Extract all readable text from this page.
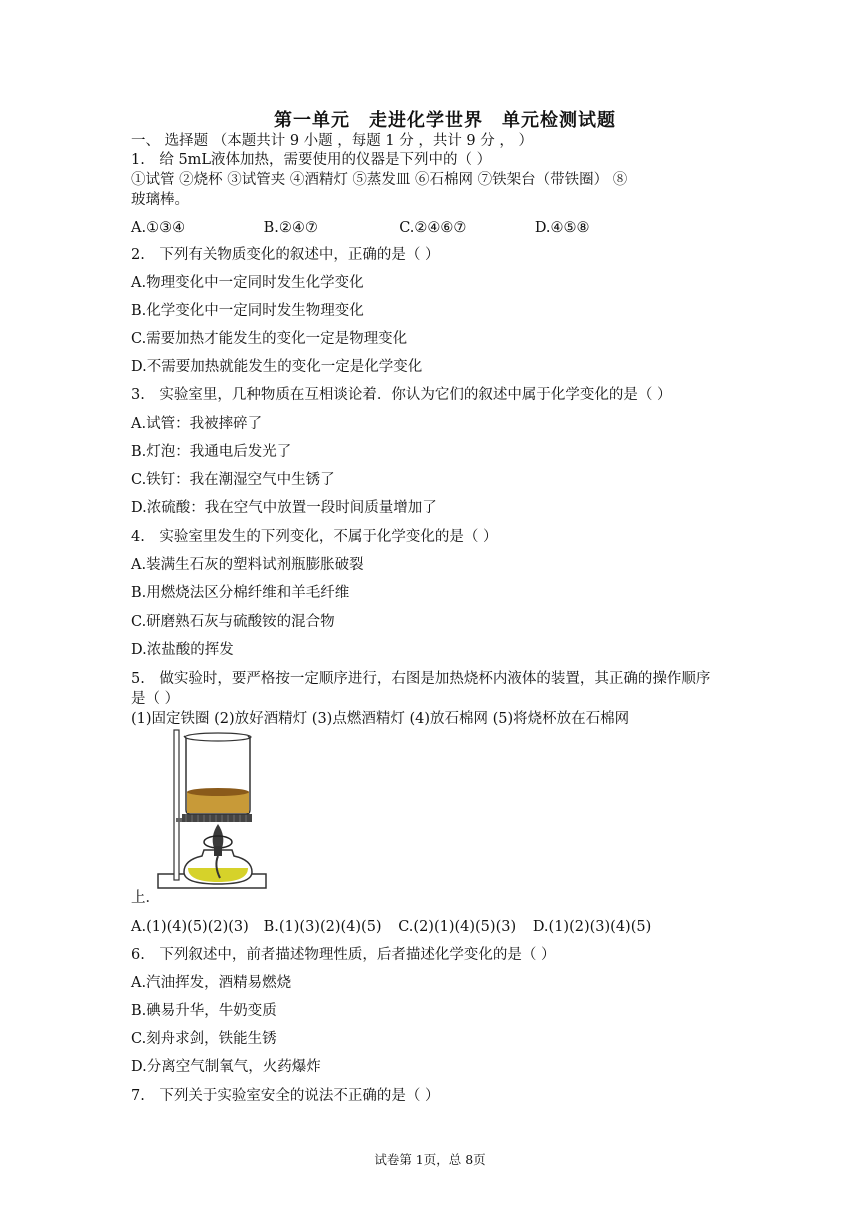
第一单元　走进化学世界　单元检测试题
一、 选择题 （本题共计 9 小题 ，每题 1 分 ，共计 9 分 ， ）
1.　给 5mL液体加热，需要使用的仪器是下列中的（ ）
①试管 ②烧杯 ③试管夹 ④酒精灯 ⑤蒸发皿 ⑥石棉网 ⑦铁架台（带铁圈） ⑧
玻璃棒。
A.①③④	B.②④⑦	C.②④⑥⑦	D.④⑤⑧
2.　下列有关物质变化的叙述中，正确的是（ ）
A.物理变化中一定同时发生化学变化
B.化学变化中一定同时发生物理变化
C.需要加热才能发生的变化一定是物理变化
D.不需要加热就能发生的变化一定是化学变化
3.　实验室里，几种物质在互相谈论着．你认为它们的叙述中属于化学变化的是（ ）
A.试管：我被摔碎了
B.灯泡：我通电后发光了
C.铁钉：我在潮湿空气中生锈了
D.浓硫酸：我在空气中放置一段时间质量增加了
4.　实验室里发生的下列变化，不属于化学变化的是（ ）
A.装满生石灰的塑料试剂瓶膨胀破裂
B.用燃烧法区分棉纤维和羊毛纤维
C.研磨熟石灰与硫酸铵的混合物
D.浓盐酸的挥发
5.　做实验时，要严格按一定顺序进行，右图是加热烧杯内液体的装置，其正确的操作顺序
是（ ）
(1)固定铁圈 (2)放好酒精灯 (3)点燃酒精灯 (4)放石棉网 (5)将烧杯放在石棉网
上．
A.(1)(4)(5)(2)(3) B.(1)(3)(2)(4)(5) C.(2)(1)(4)(5)(3) D.(1)(2)(3)(4)(5)
6.　下列叙述中，前者描述物理性质，后者描述化学变化的是（ ）
A.汽油挥发，酒精易燃烧
B.碘易升华，牛奶变质
C.刻舟求剑，铁能生锈
D.分离空气制氧气，火药爆炸
7.　下列关于实验室安全的说法不正确的是（ ）
试卷第 1页，总 8页
